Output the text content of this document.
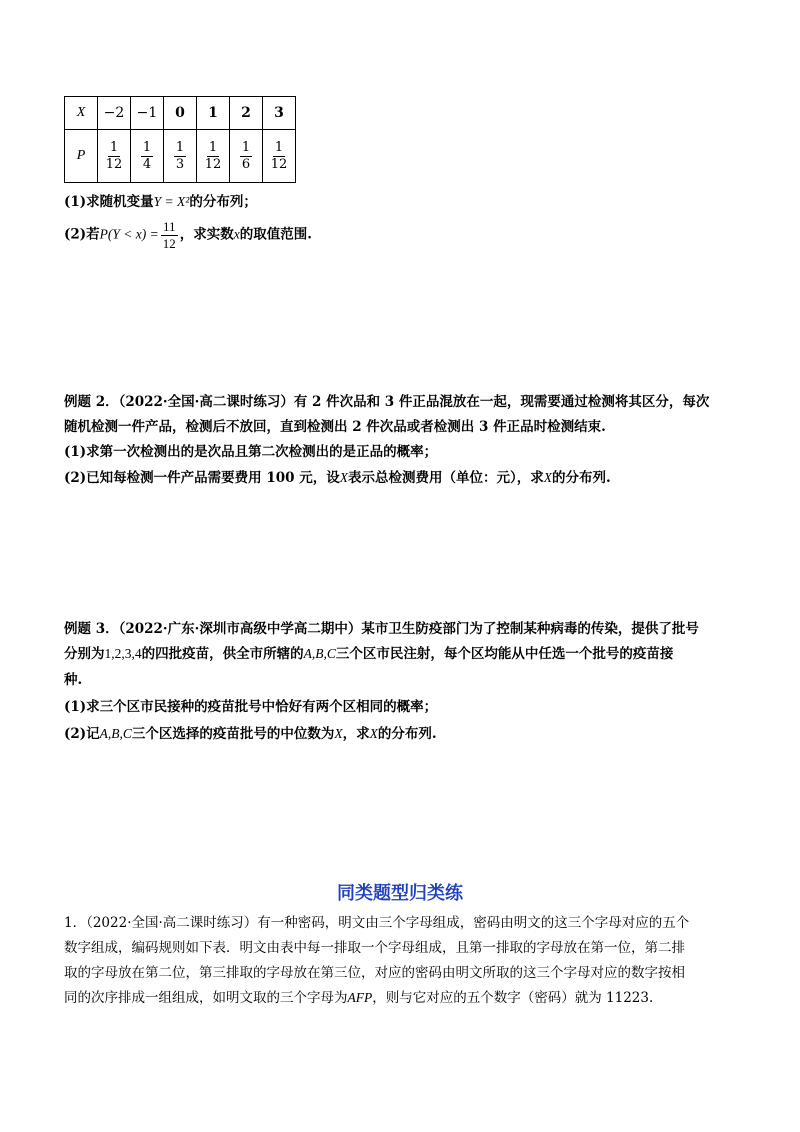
X	−2	−1	0	1	2	3
P	$\frac{1}{12}$	$\frac{1}{4}$	$\frac{1}{3}$	$\frac{1}{12}$	$\frac{1}{6}$	$\frac{1}{12}$
(1)求随机变量Y = X²的分布列；
(2)若$P(Y < x) = \frac{11}{12}$ ，求实数x的取值范围.
例题 2．（2022·全国·高二课时练习）有 2 件次品和 3 件正品混放在一起，现需要通过检测将其区分，每次
随机检测一件产品，检测后不放回，直到检测出 2 件次品或者检测出 3 件正品时检测结束.
(1)求第一次检测出的是次品且第二次检测出的是正品的概率；
(2)已知每检测一件产品需要费用 100 元，设X表示总检测费用（单位：元），求X的分布列.
例题 3．（2022·广东·深圳市高级中学高二期中）某市卫生防疫部门为了控制某种病毒的传染，提供了批号
分别为1,2,3,4的四批疫苗，供全市所辖的A,B,C三个区市民注射，每个区均能从中任选一个批号的疫苗接
种.
(1)求三个区市民接种的疫苗批号中恰好有两个区相同的概率；
(2)记A,B,C三个区选择的疫苗批号的中位数为X，求X的分布列.
同类题型归类练
1．（2022·全国·高二课时练习）有一种密码，明文由三个字母组成，密码由明文的这三个字母对应的五个
数字组成，编码规则如下表．明文由表中每一排取一个字母组成，且第一排取的字母放在第一位，第二排
取的字母放在第二位，第三排取的字母放在第三位，对应的密码由明文所取的这三个字母对应的数字按相
同的次序排成一组组成，如明文取的三个字母为AFP，则与它对应的五个数字（密码）就为 11223.
